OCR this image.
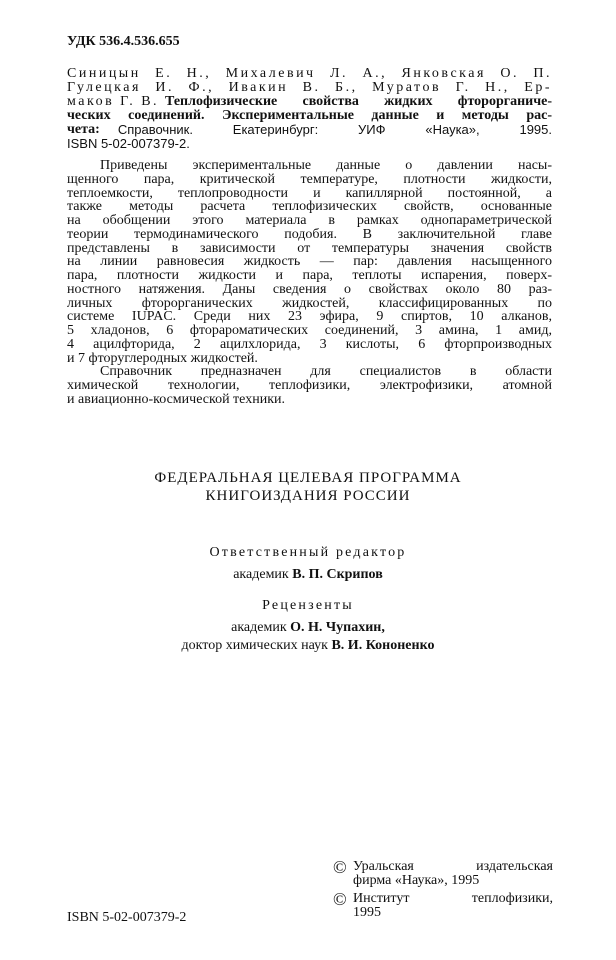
УДК 536.4.536.655
Синицын Е. Н., Михалевич Л. А., Янковская О. П.
Гулецкая И. Ф., Ивакин В. Б., Муратов Г. Н., Ер-
маков Г. В. Теплофизические свойства жидких фторорганиче-
ческих соединений. Экспериментальные данные и методы рас-
чета: Справочник. Екатеринбург: УИФ «Наука», 1995.
ISBN 5-02-007379-2.
Приведены экспериментальные данные о давлении насы-
щенного пара, критической температуре, плотности жидкости,
теплоемкости, теплопроводности и капиллярной постоянной, а
также методы расчета теплофизических свойств, основанные
на обобщении этого материала в рамках однопараметрической
теории термодинамического подобия. В заключительной главе
представлены в зависимости от температуры значения свойств
на линии равновесия жидкость — пар: давления насыщенного
пара, плотности жидкости и пара, теплоты испарения, поверх-
ностного натяжения. Даны сведения о свойствах около 80 раз-
личных фторорганических жидкостей, классифицированных по
системе IUPAC. Среди них 23 эфира, 9 спиртов, 10 алканов,
5 хладонов, 6 фторароматических соединений, 3 амина, 1 амид,
4 ацилфторида, 2 ацилхлорида, 3 кислоты, 6 фторпроизводных
и 7 фторуглеродных жидкостей.
Справочник предназначен для специалистов в области
химической технологии, теплофизики, электрофизики, атомной
и авиационно-космической техники.
ФЕДЕРАЛЬНАЯ ЦЕЛЕВАЯ ПРОГРАММА
КНИГОИЗДАНИЯ РОССИИ
Ответственный редактор
академик В. П. Скрипов
Рецензенты
академик О. Н. Чупахин,
доктор химических наук В. И. Кононенко
ISBN 5-02-007379-2
© Уральская издательская
фирма «Наука», 1995
© Институт теплофизики,
1995
